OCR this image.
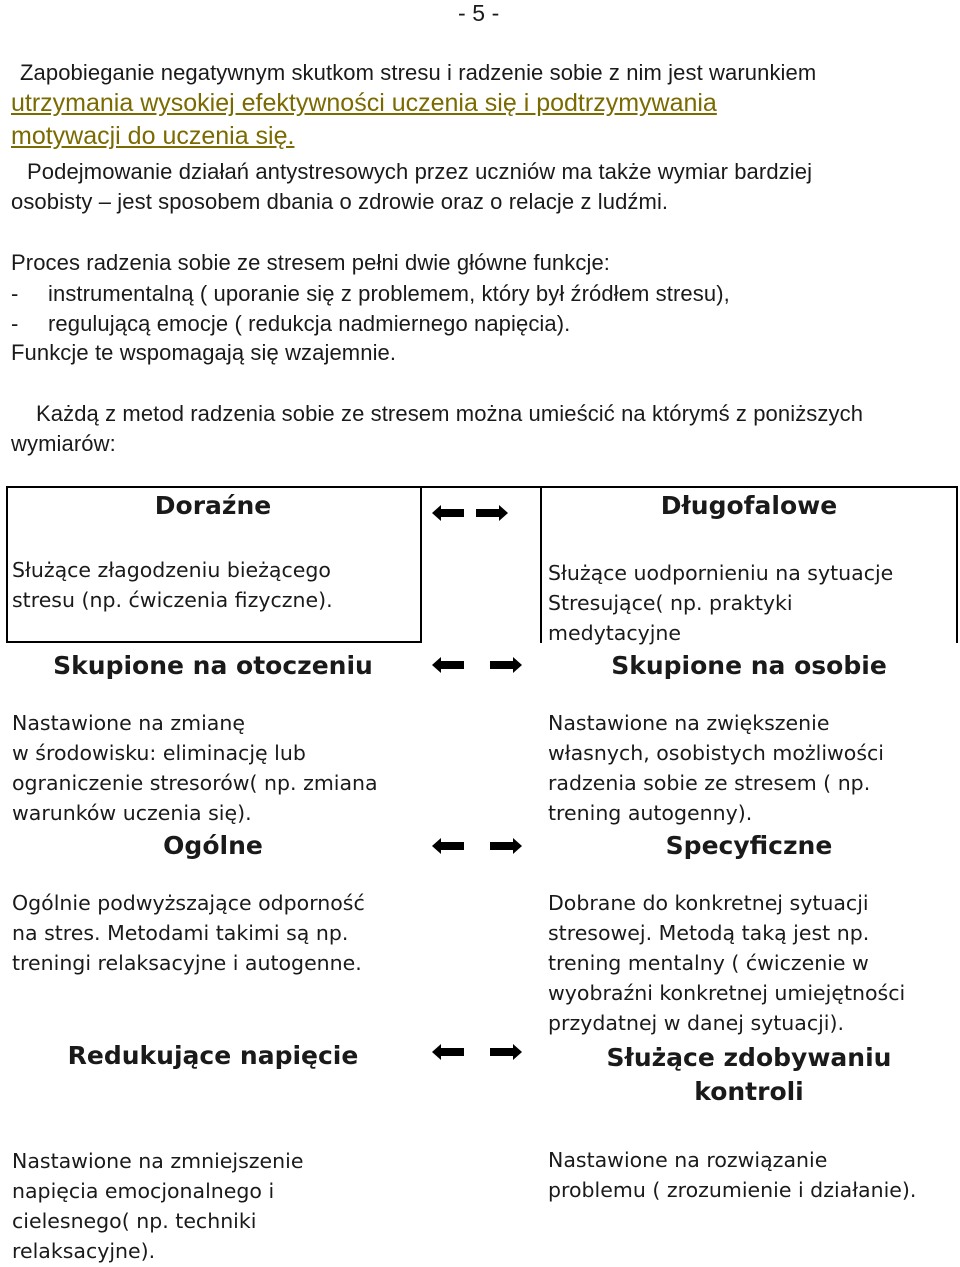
- 5 -
Zapobieganie negatywnym skutkom stresu i radzenie sobie z nim jest warunkiem
utrzymania wysokiej efektywności uczenia się i podtrzymywania
motywacji do uczenia się.
Podejmowanie działań antystresowych przez uczniów ma także wymiar bardziej
osobisty – jest sposobem dbania o zdrowie oraz o relacje z ludźmi.
Proces radzenia sobie ze stresem pełni dwie główne funkcje:
- instrumentalną ( uporanie się z problemem, który był źródłem stresu),
- regulującą emocje ( redukcja nadmiernego napięcia).
Funkcje te wspomagają się wzajemnie.
Każdą z metod radzenia sobie ze stresem można umieścić na którymś z poniższych
wymiarów:
Doraźne
Służące złagodzeniu bieżącego
stresu (np. ćwiczenia fizyczne).
Długofalowe
Służące uodpornieniu na sytuacje
Stresujące( np. praktyki
medytacyjne
Skupione na otoczeniu
Nastawione na zmianę
w środowisku: eliminację lub
ograniczenie stresorów( np. zmiana
warunków uczenia się).
Skupione na osobie
Nastawione na zwiększenie
własnych, osobistych możliwości
radzenia sobie ze stresem ( np.
trening autogenny).
Ogólne
Ogólnie podwyższające odporność
na stres. Metodami takimi są np.
treningi relaksacyjne i autogenne.
Specyficzne
Dobrane do konkretnej sytuacji
stresowej. Metodą taką jest np.
trening mentalny ( ćwiczenie w
wyobraźni konkretnej umiejętności
przydatnej w danej sytuacji).
Redukujące napięcie
Nastawione na zmniejszenie
napięcia emocjonalnego i
cielesnego( np. techniki
relaksacyjne).
Służące zdobywaniu kontroli
Nastawione na rozwiązanie
problemu ( zrozumienie i działanie).
